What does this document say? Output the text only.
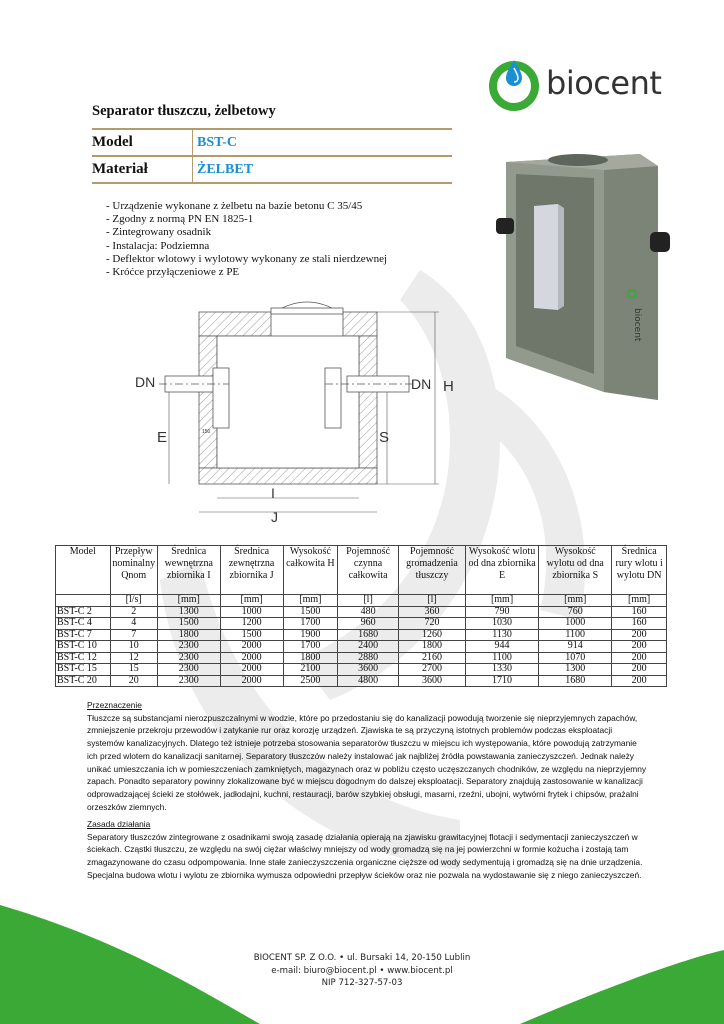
biocent
Separator tłuszczu, żelbetowy
Model	BST-C
Materiał	ŻELBET
- Urządzenie wykonane z żelbetu na bazie betonu C 35/45
- Zgodny z normą PN EN 1825-1
- Zintegrowany osadnik
- Instalacja: Podziemna
- Deflektor wlotowy i wylotowy wykonany ze stali nierdzewnej
- Króćce przyłączeniowe z PE
DN	DN H
E	S
I
J
150
biocent
Model	Przepływ nominalny Qnom	Średnica wewnętrzna zbiornika I	Średnica zewnętrzna zbiornika J	Wysokość całkowita H	Pojemność czynna całkowita	Pojemność gromadzenia tłuszczy	Wysokość wlotu od dna zbiornika E	Wysokość wylotu od dna zbiornika S	Średnica rury wlotu i wylotu DN
	[l/s]	[mm]	[mm]	[mm]	[l]	[l]	[mm]	[mm]	[mm]
BST-C 2	2	1300	1000	1500	480	360	790	760	160
BST-C 4	4	1500	1200	1700	960	720	1030	1000	160
BST-C 7	7	1800	1500	1900	1680	1260	1130	1100	200
BST-C 10	10	2300	2000	1700	2400	1800	944	914	200
BST-C 12	12	2300	2000	1800	2880	2160	1100	1070	200
BST-C 15	15	2300	2000	2100	3600	2700	1330	1300	200
BST-C 20	20	2300	2000	2500	4800	3600	1710	1680	200
Przeznaczenie
Tłuszcze są substancjami nierozpuszczalnymi w wodzie, które po przedostaniu się do kanalizacji powodują tworzenie się nieprzyjemnych zapachów, zmniejszenie przekroju przewodów i zatykanie rur oraz korozję urządzeń. Zjawiska te są przyczyną istotnych problemów podczas eksploatacji systemów kanalizacyjnych. Dlatego też istnieje potrzeba stosowania separatorów tłuszczu w miejscu ich występowania, które powodują zatrzymanie ich przed wlotem do kanalizacji sanitarnej. Separatory tłuszczów należy instalować jak najbliżej źródła powstawania zanieczyszczeń. Jednak należy unikać umieszczania ich w pomieszczeniach zamkniętych, magazynach oraz w pobliżu często uczęszczanych chodników, ze względu na nieprzyjemny zapach. Ponadto separatory powinny zlokalizowane być w miejscu dogodnym do dalszej eksploatacji. Separatory znajdują zastosowanie w kanalizacji odprowadzającej ścieki ze stołówek, jadłodajni, kuchni, restauracji, barów szybkiej obsługi, masarni, rzeźni, ubojni, wytwórni frytek i chipsów, prażalni orzeszków ziemnych.
Zasada działania
Separatory tłuszczów zintegrowane z osadnikami swoją zasadę działania opierają na zjawisku grawitacyjnej flotacji i sedymentacji zanieczyszczeń w ściekach. Cząstki tłuszczu, ze względu na swój ciężar właściwy mniejszy od wody gromadzą się na jej powierzchni w formie kożucha i zostają tam zmagazynowane do czasu odpompowania. Inne stałe zanieczyszczenia organiczne cięższe od wody sedymentują i gromadzą się na dnie urządzenia. Specjalna budowa wlotu i wylotu ze zbiornika wymusza odpowiedni przepływ ścieków oraz nie pozwala na wydostawanie się z niego zanieczyszczeń.
BIOCENT SP. Z O.O. • ul. Bursaki 14, 20-150 Lublin
e-mail: biuro@biocent.pl • www.biocent.pl
NIP 712-327-57-03
